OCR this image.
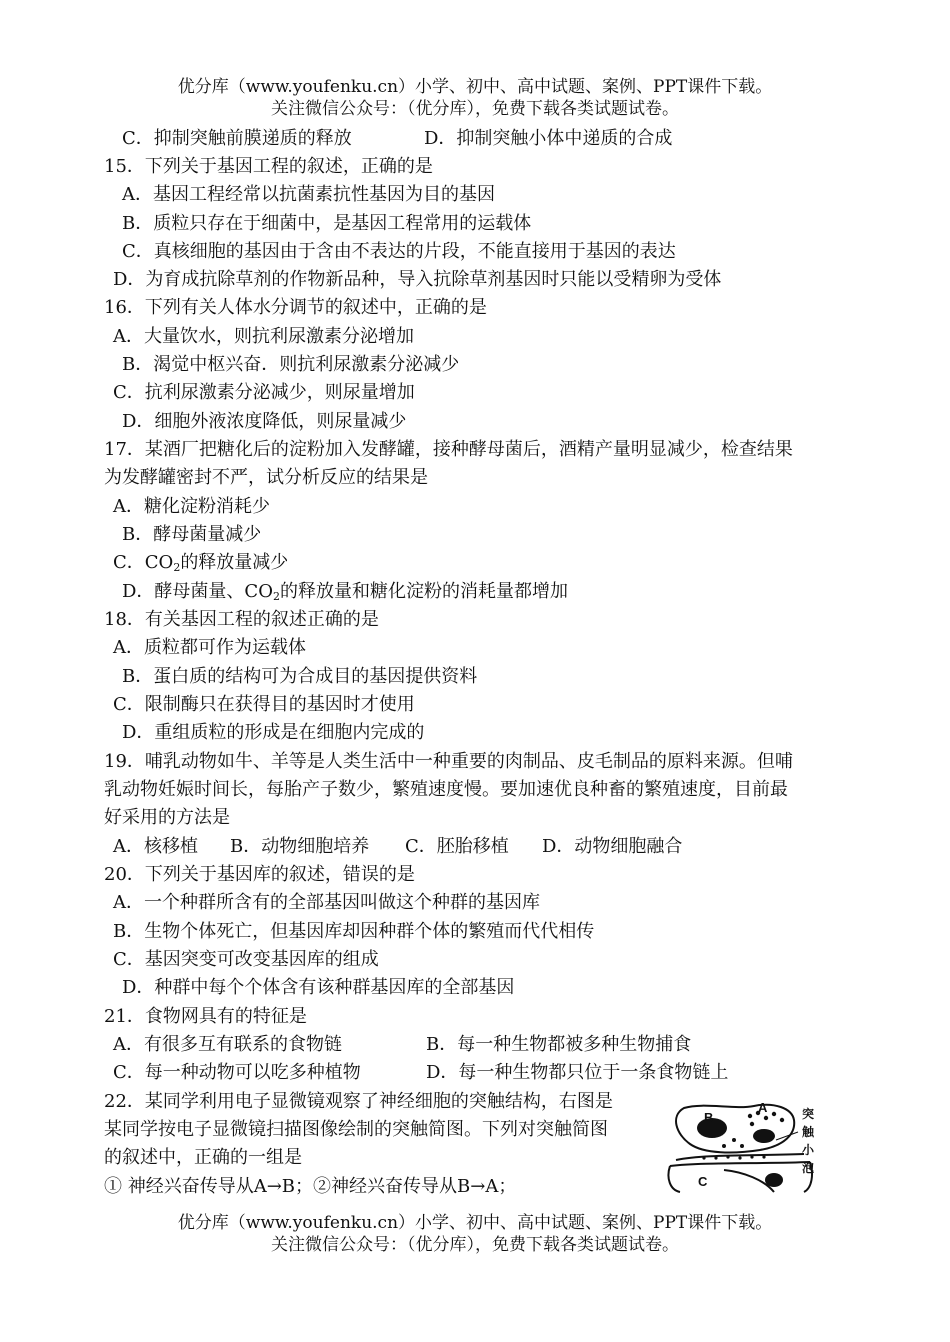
优分库（www.youfenku.cn）小学、初中、高中试题、案例、PPT课件下载。
关注微信公众号：（优分库），免费下载各类试题试卷。
C．抑制突触前膜递质的释放	D．抑制突触小体中递质的合成
15．下列关于基因工程的叙述，正确的是
A．基因工程经常以抗菌素抗性基因为目的基因
B．质粒只存在于细菌中，是基因工程常用的运载体
C．真核细胞的基因由于含由不表达的片段，不能直接用于基因的表达
D．为育成抗除草剂的作物新品种，导入抗除草剂基因时只能以受精卵为受体
16．下列有关人体水分调节的叙述中，正确的是
A．大量饮水，则抗利尿激素分泌增加
B．渴觉中枢兴奋．则抗利尿激素分泌减少
C．抗利尿激素分泌减少，则尿量增加
D．细胞外液浓度降低，则尿量减少
17．某酒厂把糖化后的淀粉加入发酵罐，接种酵母菌后，酒精产量明显减少，检查结果
为发酵罐密封不严，试分析反应的结果是
A．糖化淀粉消耗少
B．酵母菌量减少
C．$CO_2$的释放量减少
D．酵母菌量、$CO_2$的释放量和糖化淀粉的消耗量都增加
18．有关基因工程的叙述正确的是
A．质粒都可作为运载体
B．蛋白质的结构可为合成目的基因提供资料
C．限制酶只在获得目的基因时才使用
D．重组质粒的形成是在细胞内完成的
19．哺乳动物如牛、羊等是人类生活中一种重要的肉制品、皮毛制品的原料来源。但哺
乳动物妊娠时间长，每胎产子数少，繁殖速度慢。要加速优良种畜的繁殖速度，目前最
好采用的方法是
A．核移植 B．动物细胞培养 C．胚胎移植 D．动物细胞融合
20．下列关于基因库的叙述，错误的是
A．一个种群所含有的全部基因叫做这个种群的基因库
B．生物个体死亡，但基因库却因种群个体的繁殖而代代相传
C．基因突变可改变基因库的组成
D．种群中每个个体含有该种群基因库的全部基因
21．食物网具有的特征是
A．有很多互有联系的食物链	B．每一种生物都被多种生物捕食
C．每一种动物可以吃多种植物	D．每一种生物都只位于一条食物链上
22．某同学利用电子显微镜观察了神经细胞的突触结构，右图是
某同学按电子显微镜扫描图像绘制的突触简图。下列对突触简图
的叙述中，正确的一组是
① 神经兴奋传导从A→B；②神经兴奋传导从B→A；
A
B
C
突
触
小
泡
优分库（www.youfenku.cn）小学、初中、高中试题、案例、PPT课件下载。
关注微信公众号：（优分库），免费下载各类试题试卷。
